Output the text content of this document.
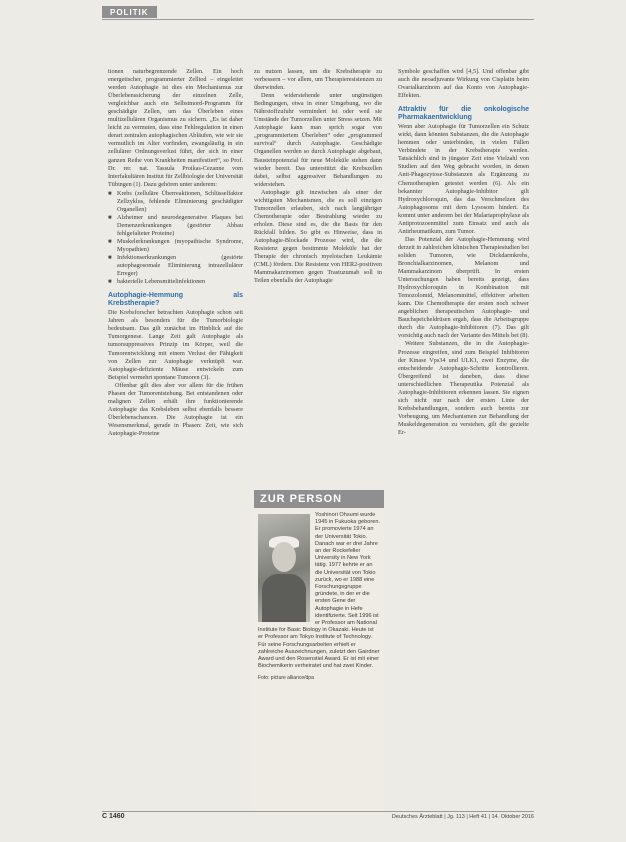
POLITIK

tionen naturbegrenzende Zellen. Ein hoch energetischer, programmierter Zelltod – eingeleitet werden Autophagie ist dies ein Mechanismus zur Überlebenssicherung der einzelnen Zelle, vergleichbar auch ein Selbstmord-Programm für geschädigte Zellen, um das Überleben eines multizellulären Organismus zu sichern. „Es ist daher leicht zu vermuten, dass eine Fehlregulation in einen derart zentralen autophagischen Abläufen, wie wir sie vermutlich im Alter vorfinden, zwangsläufig in ein zellulärer Ordnungsverlust führt, der sich in einer ganzen Reihe von Krankheiten manifestiert“, so Prof. Dr. rer. nat. Tassula Proikas-Cezanne vom Interfakultären Institut für Zellbiologie der Universität Tübingen (1). Dazu gehören unter anderem:

■ Krebs (zelluläre Überreaktionen, Schlüsselfaktor Zellzyklus, fehlende Eliminierung geschädigter Organellen)
■ Alzheimer und neurodegenerative Plaques bei Demenzerkrankungen (gestörter Abbau fehlgefalteter Proteine)
■ Muskelerkrankungen (myopathische Syndrome, Myopathien)
■ Infektionserkrankungen (gestörte autophagosomale Eliminierung intrazellulärer Erreger)
■ bakterielle Lebensmittelinfektionen
Autophagie-Hemmung als Krebstherapie?

Die Krebsforscher betrachten Autophagie schon seit Jahren als besonders für die Tumorbiologie bedeutsam. Das gilt zunächst im Hinblick auf die Tumorgenese. Lange Zeit galt Autophagie als tumorsuppressives Prinzip im Körper, weil die Tumorentwicklung mit einem Verlust der Fähigkeit von Zellen zur Autophagie verknüpft war. Autophagie-defiziente Mäuse entwickeln zum Beispiel vermehrt spontane Tumoren (3).

Offenbar gilt dies aber vor allem für die frühen Phasen der Tumorentstehung. Bei entstandenen oder malignen Zellen erhält ihre funktionierende Autophagie das Krebsleben selbst ebenfalls bessere Überlebenschancen. Die Autophagie ist ein Wesensmerkmal, gerade in Phasen: Zeit, wie sich Autophagie-Proteine

zu nutzen lassen, um die Krebstherapie zu verbessern – vor allem, um Therapieresistenzen zu überwinden.

Denn widerstehende unter ungünstigen Bedingungen, etwa in einer Umgebung, wo die Nährstoffzufuhr vermindert ist oder weil sie Umstände der Tumorzellen unter Stress setzen. Mit Autophagie kann man sprich sogar von „programmiertem Überleben“ oder „programmed survival“ durch Autophagie. Geschädigte Organellen werden so durch Autophagie abgebaut, Bausteinpotenzial für neue Moleküle stehen dann wieder bereit. Das unterstützt die Krebszellen dabei, selbst aggressiver Behandlungen zu widerstehen.

Autophagie gilt inzwischen als einer der wichtigsten Mechanismen, die es soll einzigen Tumorzellen erlauben, sich nach langjähriger Chemotherapie oder Bestrahlung wieder zu erholen. Diese sind es, die die Basis für den Rückfall bilden. So gibt es Hinweise, dass in Autophagie-Blockade Prozesse wird, die die Resistenz gegen bestimmte Moleküle hat der Therapie der chronisch myeloischen Leukämie (CML) fördern. Die Resistenz von HER2-positiven Mammakarzinomen gegen Trastuzumab soll in Teilen ebenfalls der Autophagie

ZUR PERSON
Yoshinori Ohsumi wurde 1945 in Fukuoka geboren. Er promovierte 1974 an der Universität Tokio. Danach war er drei Jahre an der Rockefeller University in New York tätig. 1977 kehrte er an die Universität von Tokio zurück, wo er 1988 eine Forschungsgruppe gründete, in der er die ersten Gene der Autophagie in Hefe identifizierte. Seit 1996 ist er Professor am National Institute for Basic Biology in Okazaki. Heute ist er Professor am Tokyo Institute of Technology. Für seine Forschungsarbeiten erhielt er zahlreiche Auszeichnungen, zuletzt den Gairdner Award und den Rosenstiel Award. Er ist mit einer Biochemikerin verheiratet und hat zwei Kinder.
Foto: picture alliance/dpa

Symbole geschaffen wird [4,5]. Und offenbar gibt auch die neoadjuvante Wirkung von Cisplatin beim Ovarialkarzinom auf das Konto von Autophagie-Effekten.

Attraktiv für die onkologische Pharmakaentwicklung

Wenn aber Autophagie für Tumorzellen ein Schutz wirkt, dann könnten Substanzen, die die Autophagie hemmen oder unterbinden, in vielen Fällen Verbündete in der Krebstherapie werden. Tatsächlich sind in jüngster Zeit eine Vielzahl von Studien auf den Weg gebracht worden, in denen Anti-Phagozytose-Substanzen als Ergänzung zu Chemotherapien getestet werden (6). Als ein bekannter Autophagie-Inhibitor gilt Hydroxychloroquin, das das Verschmelzen des Autophagosoms mit dem Lysosom hindert. Es kommt unter anderem bei der Malariaprophylaxe als Antiprotozoenmittel zum Einsatz und auch als Antirheumatikum, zum Tumor.

Das Potenzial der Autophagie-Hemmung wird derzeit in zahlreichen klinischen Therapiestudien bei soliden Tumoren, wie Dickdarmkrebs, Bronchialkarzinomen, Melanom und Mammakarzinom überprüft. In ersten Untersuchungen haben bereits gezeigt, dass Hydroxychloroquin in Kombination mit Temozolomid, Melanommittel, effektiver arbeiten kann. Die Chemotherapie der ersten noch schwer angeblichen therapeutischen Autophagie- und Bauchspeicheldrüsen ergab, dass die Arbeitsgruppe durch die Autophagie-Inhibitoren (7). Das gilt vorsichtig auch nach der Variante des Mittels bei (8).

Weitere Substanzen, die in die Autophagie-Prozesse eingreifen, sind zum Beispiel Inhibitoren der Kinase Vps34 und ULK1, zwei Enzyme, die entscheidende Autophagie-Schritte kontrollieren. Übergreifend ist daneben, dass diese unterschiedlichen Therapeutika Potenzial als Autophagie-Inhibitoren erkennen lassen. Sie eignen sich nicht nur nach der ersten Linie der Krebsbehandlungen, sondern auch bereits zur Vorbeugung, um Mechanismen zur Behandlung der Muskeldegeneration zu verstehen, gilt die gezielte Er-

C 1460	Deutsches Ärzteblatt | Jg. 113 | Heft 41 | 14. Oktober 2016
